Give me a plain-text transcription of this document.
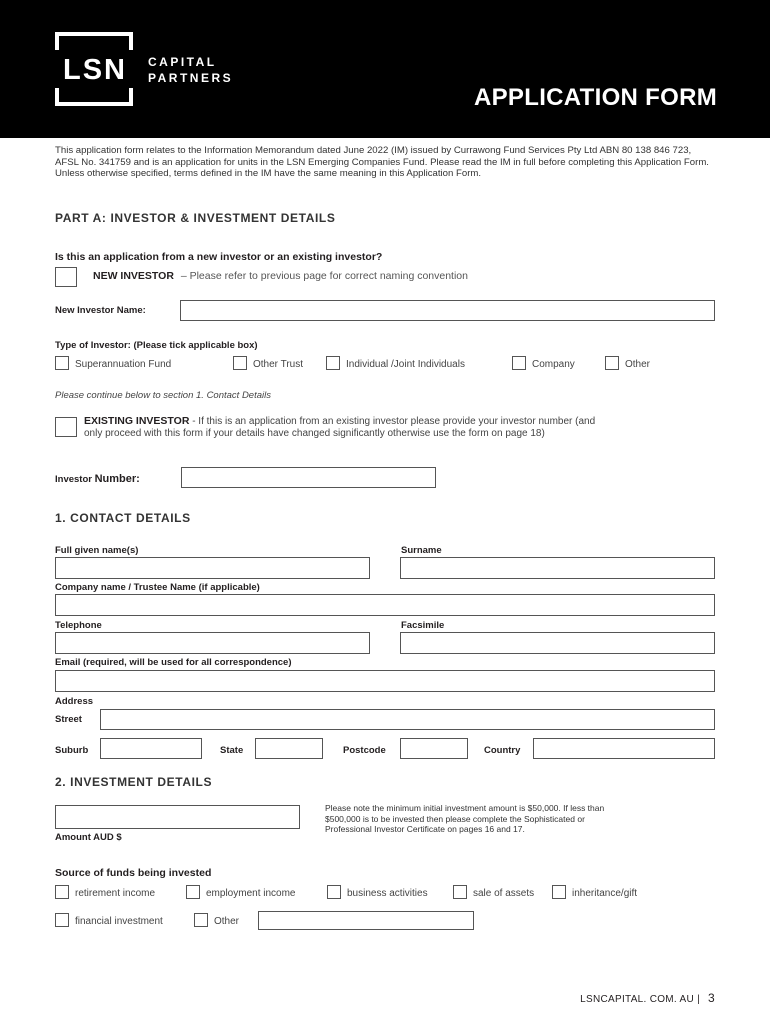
LSN	CAPITAL
PARTNERS
APPLICATION FORM
This application form relates to the Information Memorandum dated June 2022 (IM) issued by Currawong Fund Services Pty Ltd ABN 80 138 846 723, AFSL No. 341759 and is an application for units in the LSN Emerging Companies Fund. Please read the IM in full before completing this Application Form. Unless otherwise specified, terms defined in the IM have the same meaning in this Application Form.
PART A: INVESTOR & INVESTMENT DETAILS
Is this an application from a new investor or an existing investor?
NEW INVESTOR – Please refer to previous page for correct naming convention
New Investor Name:
Type of Investor: (Please tick applicable box)
Superannuation Fund	Other Trust	Individual /Joint Individuals	Company	Other
Please continue below to section 1. Contact Details
EXISTING INVESTOR - If this is an application from an existing investor please provide your investor number (and
only proceed with this form if your details have changed significantly otherwise use the form on page 18)
Investor Number:
1. CONTACT DETAILS
Full given name(s)	Surname
Company name / Trustee Name (if applicable)
Telephone	Facsimile
Email (required, will be used for all correspondence)
Address
Street
Suburb	State	Postcode	Country
2. INVESTMENT DETAILS
Amount AUD $
Please note the minimum initial investment amount is $50,000. If less than
$500,000 is to be invested then please complete the Sophisticated or
Professional Investor Certificate on pages 16 and 17.
Source of funds being invested
retirement income	employment income	business activities	sale of assets	inheritance/gift
financial investment	Other
LSNCAPITAL. COM. AU | 3
